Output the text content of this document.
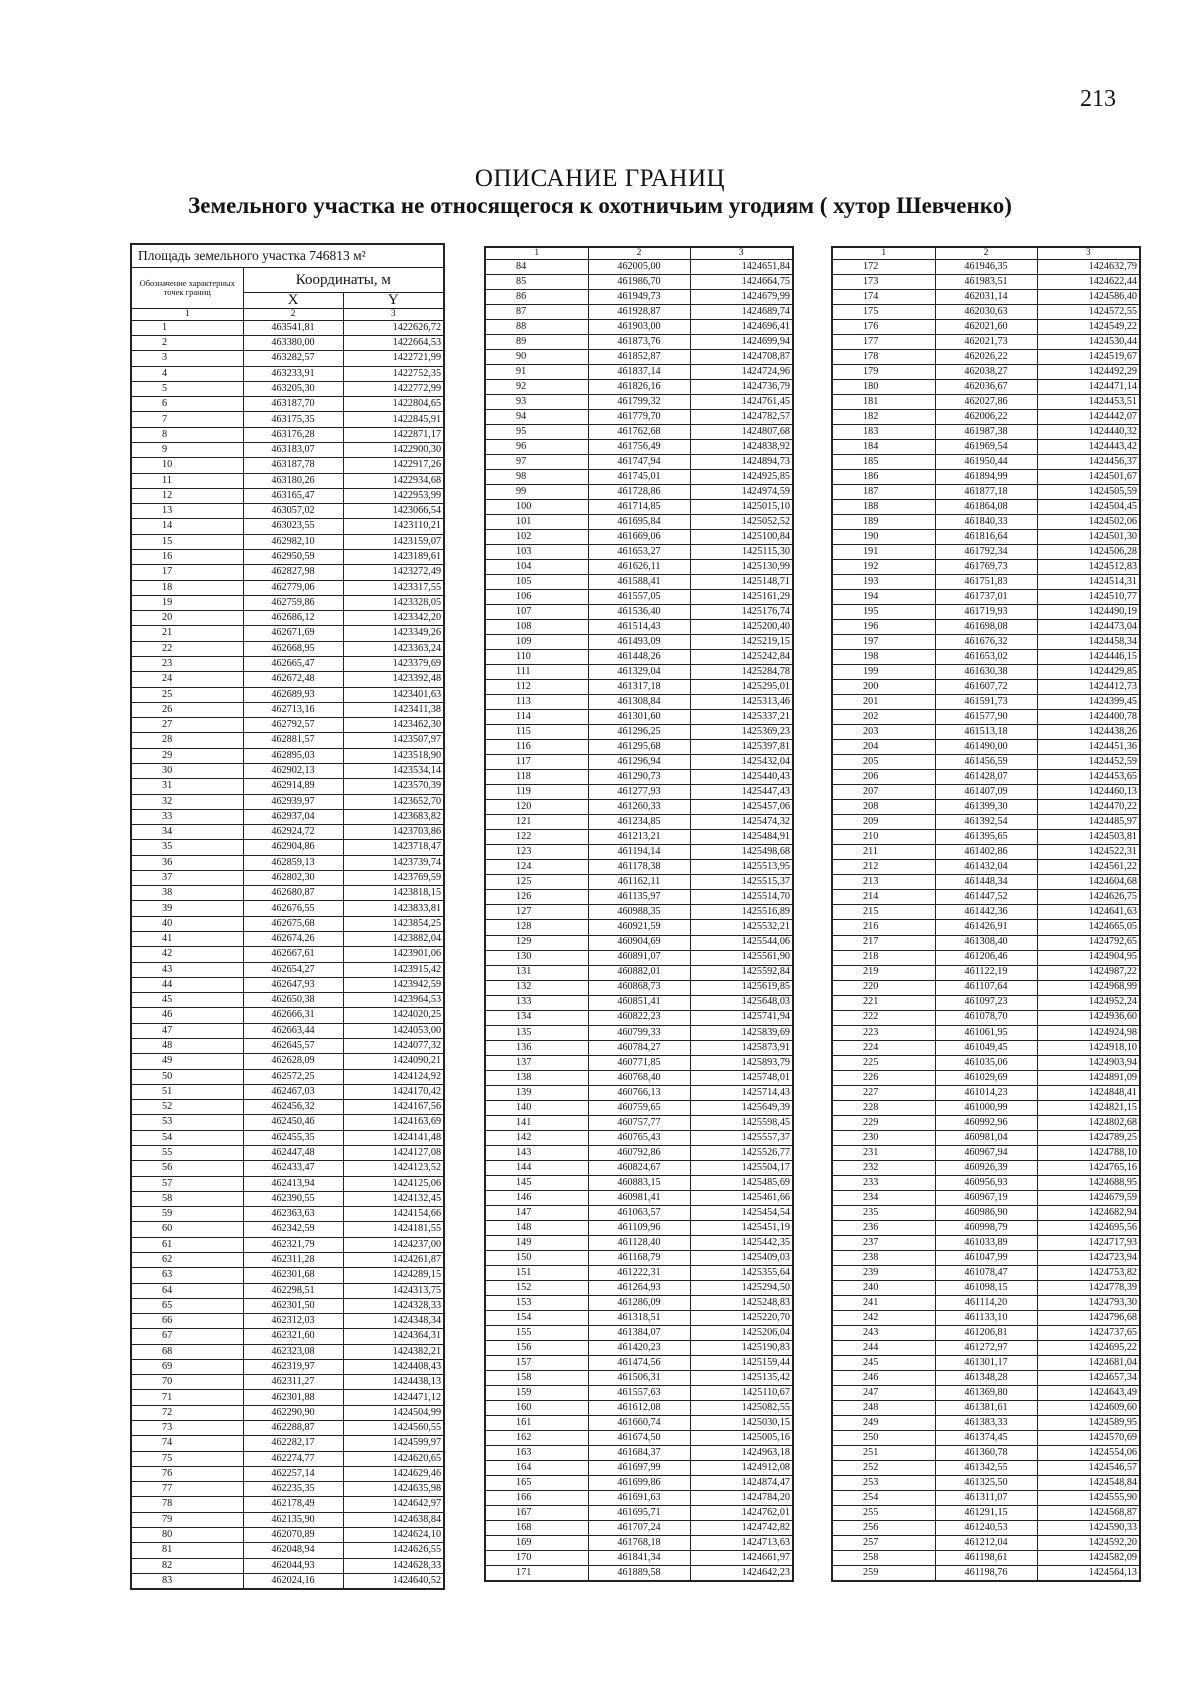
213
ОПИСАНИЕ ГРАНИЦ
Земельного участка не относящегося к охотничьим угодиям ( хутор Шевченко)
Площадь земельного участка 746813 м²		
Обозначение характерных точек границ	Координаты, м	
	X	Y
1	2	3
1	463541,81	1422626,72
2	463380,00	1422664,53
3	463282,57	1422721,99
4	463233,91	1422752,35
5	463205,30	1422772,99
6	463187,70	1422804,65
7	463175,35	1422845,91
8	463176,28	1422871,17
9	463183,07	1422900,30
10	463187,78	1422917,26
11	463180,26	1422934,68
12	463165,47	1422953,99
13	463057,02	1423066,54
14	463023,55	1423110,21
15	462982,10	1423159,07
16	462950,59	1423189,61
17	462827,98	1423272,49
18	462779,06	1423317,55
19	462759,86	1423328,05
20	462686,12	1423342,20
21	462671,69	1423349,26
22	462668,95	1423363,24
23	462665,47	1423379,69
24	462672,48	1423392,48
25	462689,93	1423401,63
26	462713,16	1423411,38
27	462792,57	1423462,30
28	462881,57	1423507,97
29	462895,03	1423518,90
30	462902,13	1423534,14
31	462914,89	1423570,39
32	462939,97	1423652,70
33	462937,04	1423683,82
34	462924,72	1423703,86
35	462904,86	1423718,47
36	462859,13	1423739,74
37	462802,30	1423769,59
38	462680,87	1423818,15
39	462676,55	1423833,81
40	462675,68	1423854,25
41	462674,26	1423882,04
42	462667,61	1423901,06
43	462654,27	1423915,42
44	462647,93	1423942,59
45	462650,38	1423964,53
46	462666,31	1424020,25
47	462663,44	1424053,00
48	462645,57	1424077,32
49	462628,09	1424090,21
50	462572,25	1424124,92
51	462467,03	1424170,42
52	462456,32	1424167,56
53	462450,46	1424163,69
54	462455,35	1424141,48
55	462447,48	1424127,08
56	462433,47	1424123,52
57	462413,94	1424125,06
58	462390,55	1424132,45
59	462363,63	1424154,66
60	462342,59	1424181,55
61	462321,79	1424237,00
62	462311,28	1424261,87
63	462301,68	1424289,15
64	462298,51	1424313,75
65	462301,50	1424328,33
66	462312,03	1424348,34
67	462321,60	1424364,31
68	462323,08	1424382,21
69	462319,97	1424408,43
70	462311,27	1424438,13
71	462301,88	1424471,12
72	462290,90	1424504,99
73	462288,87	1424560,55
74	462282,17	1424599,97
75	462274,77	1424620,65
76	462257,14	1424629,46
77	462235,35	1424635,98
78	462178,49	1424642,97
79	462135,90	1424638,84
80	462070,89	1424624,10
81	462048,94	1424626,55
82	462044,93	1424628,33
83	462024,16	1424640,52
1	2	3
84	462005,00	1424651,84
85	461986,70	1424664,75
86	461949,73	1424679,99
87	461928,87	1424689,74
88	461903,00	1424696,41
89	461873,76	1424699,94
90	461852,87	1424708,87
91	461837,14	1424724,96
92	461826,16	1424736,79
93	461799,32	1424761,45
94	461779,70	1424782,57
95	461762,68	1424807,68
96	461756,49	1424838,92
97	461747,94	1424894,73
98	461745,01	1424925,85
99	461728,86	1424974,59
100	461714,85	1425015,10
101	461695,84	1425052,52
102	461669,06	1425100,84
103	461653,27	1425115,30
104	461626,11	1425130,99
105	461588,41	1425148,71
106	461557,05	1425161,29
107	461536,40	1425176,74
108	461514,43	1425200,40
109	461493,09	1425219,15
110	461448,26	1425242,84
111	461329,04	1425284,78
112	461317,18	1425295,01
113	461308,84	1425313,46
114	461301,60	1425337,21
115	461296,25	1425369,23
116	461295,68	1425397,81
117	461296,94	1425432,04
118	461290,73	1425440,43
119	461277,93	1425447,43
120	461260,33	1425457,06
121	461234,85	1425474,32
122	461213,21	1425484,91
123	461194,14	1425498,68
124	461178,38	1425513,95
125	461162,11	1425515,37
126	461135,97	1425514,70
127	460988,35	1425516,89
128	460921,59	1425532,21
129	460904,69	1425544,06
130	460891,07	1425561,90
131	460882,01	1425592,84
132	460868,73	1425619,85
133	460851,41	1425648,03
134	460822,23	1425741,94
135	460799,33	1425839,69
136	460784,27	1425873,91
137	460771,85	1425893,79
138	460768,40	1425748,01
139	460766,13	1425714,43
140	460759,65	1425649,39
141	460757,77	1425598,45
142	460765,43	1425557,37
143	460792,86	1425526,77
144	460824,67	1425504,17
145	460883,15	1425485,69
146	460981,41	1425461,66
147	461063,57	1425454,54
148	461109,96	1425451,19
149	461128,40	1425442,35
150	461168,79	1425409,03
151	461222,31	1425355,64
152	461264,93	1425294,50
153	461286,09	1425248,83
154	461318,51	1425220,70
155	461384,07	1425206,04
156	461420,23	1425190,83
157	461474,56	1425159,44
158	461506,31	1425135,42
159	461557,63	1425110,67
160	461612,08	1425082,55
161	461660,74	1425030,15
162	461674,50	1425005,16
163	461684,37	1424963,18
164	461697,99	1424912,08
165	461699,86	1424874,47
166	461691,63	1424784,20
167	461695,71	1424762,01
168	461707,24	1424742,82
169	461768,18	1424713,63
170	461841,34	1424661,97
171	461889,58	1424642,23
1	2	3
172	461946,35	1424632,79
173	461983,51	1424622,44
174	462031,14	1424586,40
175	462030,63	1424572,55
176	462021,60	1424549,22
177	462021,73	1424530,44
178	462026,22	1424519,67
179	462038,27	1424492,29
180	462036,67	1424471,14
181	462027,86	1424453,51
182	462006,22	1424442,07
183	461987,38	1424440,32
184	461969,54	1424443,42
185	461950,44	1424456,37
186	461894,99	1424501,67
187	461877,18	1424505,59
188	461864,08	1424504,45
189	461840,33	1424502,06
190	461816,64	1424501,30
191	461792,34	1424506,28
192	461769,73	1424512,83
193	461751,83	1424514,31
194	461737,01	1424510,77
195	461719,93	1424490,19
196	461698,08	1424473,04
197	461676,32	1424458,34
198	461653,02	1424446,15
199	461630,38	1424429,85
200	461607,72	1424412,73
201	461591,73	1424399,45
202	461577,90	1424400,78
203	461513,18	1424438,26
204	461490,00	1424451,36
205	461456,59	1424452,59
206	461428,07	1424453,65
207	461407,09	1424460,13
208	461399,30	1424470,22
209	461392,54	1424485,97
210	461395,65	1424503,81
211	461402,86	1424522,31
212	461432,04	1424561,22
213	461448,34	1424604,68
214	461447,52	1424626,75
215	461442,36	1424641,63
216	461426,91	1424665,05
217	461308,40	1424792,65
218	461206,46	1424904,95
219	461122,19	1424987,22
220	461107,64	1424968,99
221	461097,23	1424952,24
222	461078,70	1424936,60
223	461061,95	1424924,98
224	461049,45	1424918,10
225	461035,06	1424903,94
226	461029,69	1424891,09
227	461014,23	1424848,41
228	461000,99	1424821,15
229	460992,96	1424802,68
230	460981,04	1424789,25
231	460967,94	1424788,10
232	460926,39	1424765,16
233	460956,93	1424688,95
234	460967,19	1424679,59
235	460986,90	1424682,94
236	460998,79	1424695,56
237	461033,89	1424717,93
238	461047,99	1424723,94
239	461078,47	1424753,82
240	461098,15	1424778,39
241	461114,20	1424793,30
242	461133,10	1424796,68
243	461206,81	1424737,65
244	461272,97	1424695,22
245	461301,17	1424681,04
246	461348,28	1424657,34
247	461369,80	1424643,49
248	461381,61	1424609,60
249	461383,33	1424589,95
250	461374,45	1424570,69
251	461360,78	1424554,06
252	461342,55	1424546,57
253	461325,50	1424548,84
254	461311,07	1424555,90
255	461291,15	1424568,87
256	461240,53	1424590,33
257	461212,04	1424592,20
258	461198,61	1424582,09
259	461198,76	1424564,13
